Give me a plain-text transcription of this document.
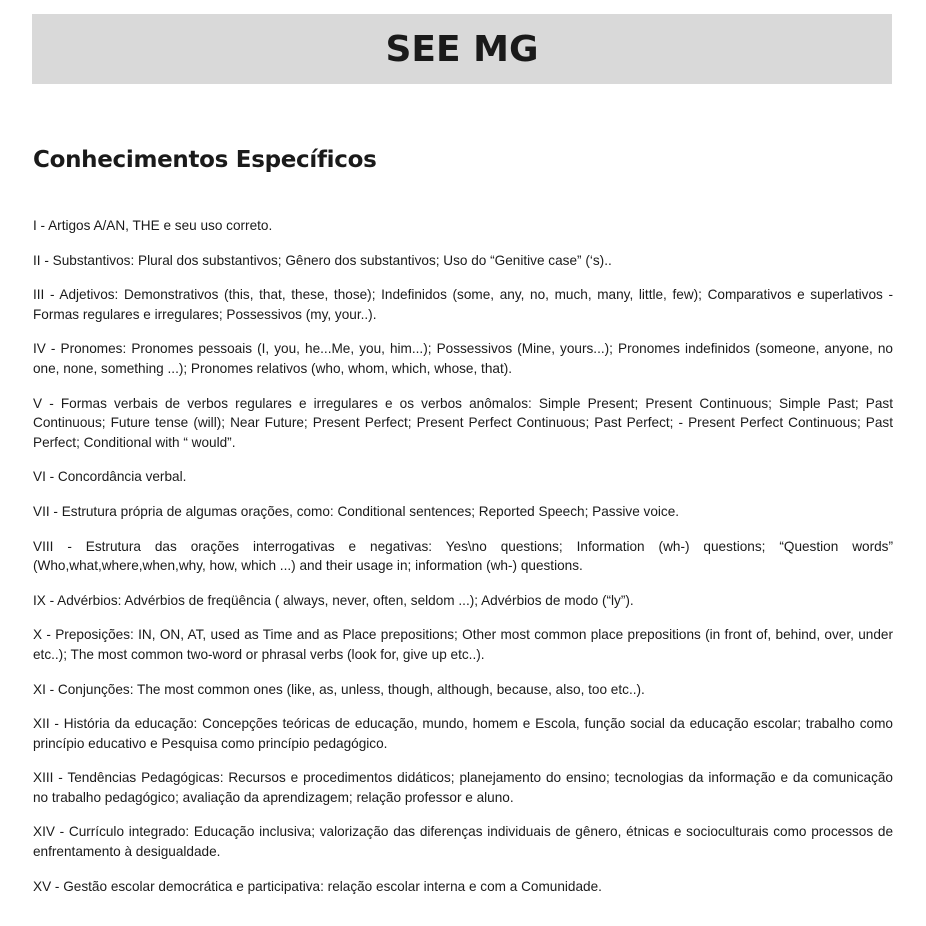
SEE MG
Conhecimentos Específicos
I - Artigos A/AN, THE e seu uso correto.
II - Substantivos: Plural dos substantivos; Gênero dos substantivos; Uso do “Genitive case” (‘s)..
III - Adjetivos: Demonstrativos (this, that, these, those); Indefinidos (some, any, no, much, many, little, few); Comparativos e superlativos - Formas regulares e irregulares; Possessivos (my, your..).
IV - Pronomes: Pronomes pessoais (I, you, he...Me, you, him...); Possessivos (Mine, yours...); Pronomes indefinidos (someone, anyone, no one, none, something ...); Pronomes relativos (who, whom, which, whose, that).
V - Formas verbais de verbos regulares e irregulares e os verbos anômalos: Simple Present; Present Continuous; Simple Past; Past Continuous; Future tense (will); Near Future; Present Perfect; Present Perfect Continuous; Past Perfect; - Present Perfect Continuous; Past Perfect; Conditional with “ would”.
VI - Concordância verbal.
VII - Estrutura própria de algumas orações, como: Conditional sentences; Reported Speech; Passive voice.
VIII - Estrutura das orações interrogativas e negativas: Yes\no questions; Information (wh-) questions; “Question words” (Who,what,where,when,why, how, which ...) and their usage in; information (wh-) questions.
IX - Advérbios: Advérbios de freqüência ( always, never, often, seldom ...); Advérbios de modo (“ly”).
X - Preposições: IN, ON, AT, used as Time and as Place prepositions; Other most common place prepositions (in front of, behind, over, under etc..); The most common two-word or phrasal verbs (look for, give up etc..).
XI - Conjunções: The most common ones (like, as, unless, though, although, because, also, too etc..).
XII - História da educação: Concepções teóricas de educação, mundo, homem e Escola, função social da educação escolar; trabalho como princípio educativo e Pesquisa como princípio pedagógico.
XIII - Tendências Pedagógicas: Recursos e procedimentos didáticos; planejamento do ensino; tecnologias da informação e da comunicação no trabalho pedagógico; avaliação da aprendizagem; relação professor e aluno.
XIV - Currículo integrado: Educação inclusiva; valorização das diferenças individuais de gênero, étnicas e socioculturais como processos de enfrentamento à desigualdade.
XV - Gestão escolar democrática e participativa: relação escolar interna e com a Comunidade.
